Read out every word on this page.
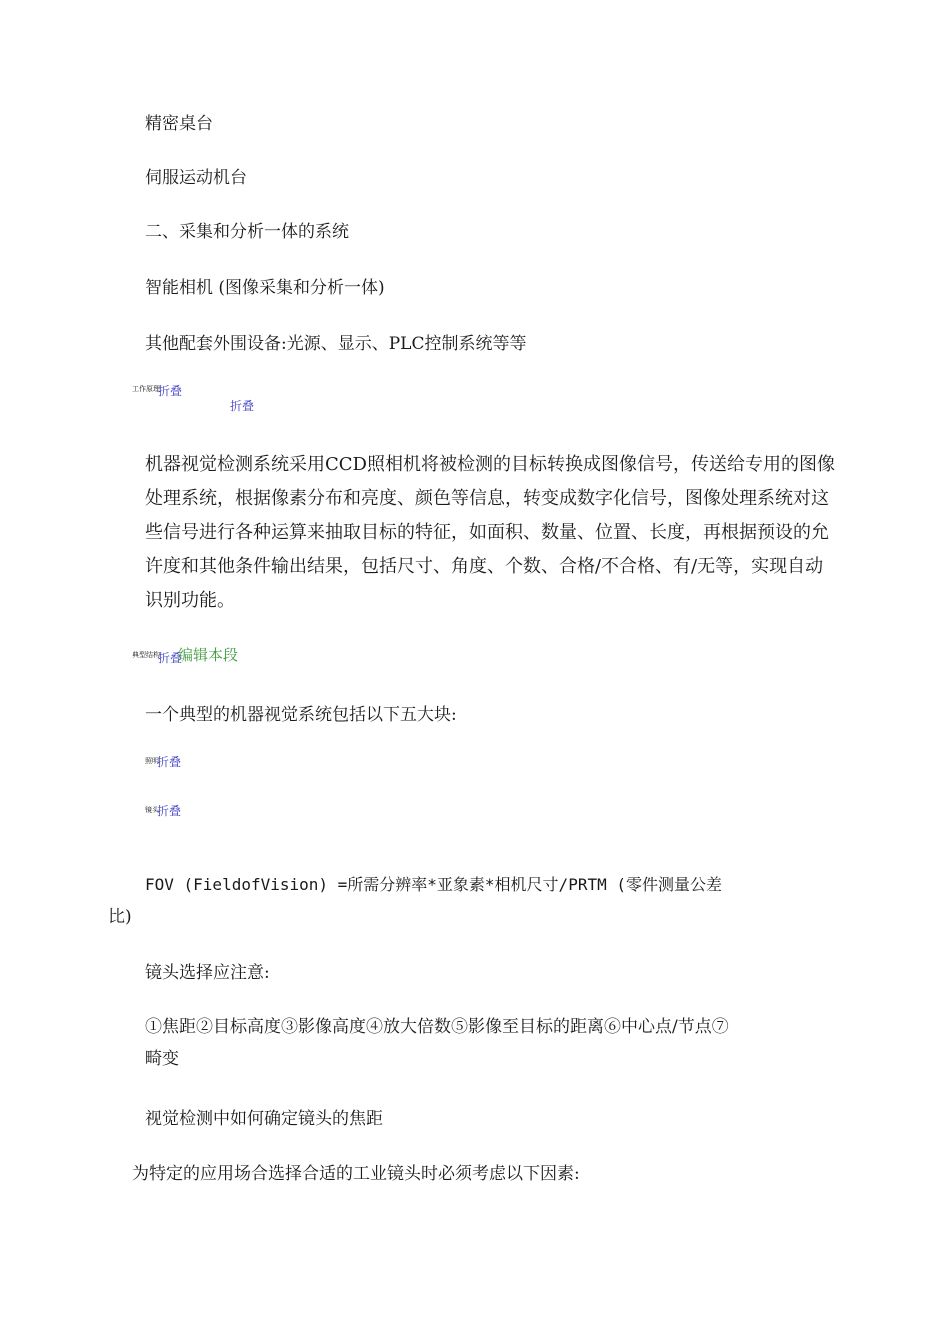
精密桌台

伺服运动机台

二、采集和分析一体的系统

智能相机 (图像采集和分析一体)

其他配套外围设备:光源、显示、PLC控制系统等等

工作原理
折叠
折叠

机器视觉检测系统采用CCD照相机将被检测的目标转换成图像信号，传送给专用的图像处理系统，根据像素分布和亮度、颜色等信息，转变成数字化信号，图像处理系统对这些信号进行各种运算来抽取目标的特征，如面积、数量、位置、长度，再根据预设的允许度和其他条件输出结果，包括尺寸、角度、个数、合格/不合格、有/无等，实现自动识别功能。

典型结构
折叠
编辑本段

一个典型的机器视觉系统包括以下五大块:

照明
折叠
镜头
折叠

FOV (FieldofVision) =所需分辨率*亚象素*相机尺寸/PRTM (零件测量公差

比)

镜头选择应注意:

①焦距②目标高度③影像高度④放大倍数⑤影像至目标的距离⑥中心点/节点⑦

畸变

视觉检测中如何确定镜头的焦距

为特定的应用场合选择合适的工业镜头时必须考虑以下因素:
